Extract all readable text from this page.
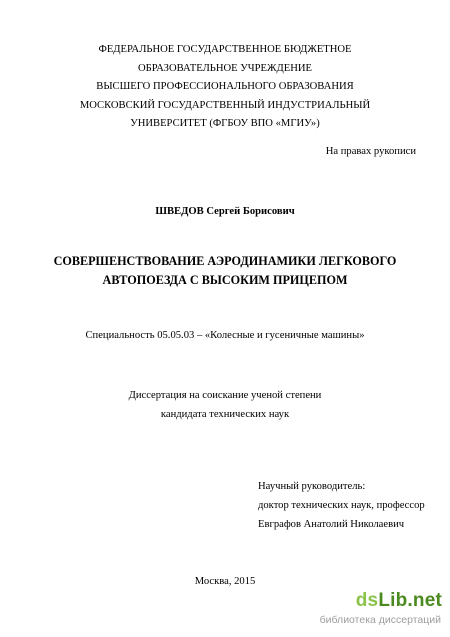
ФЕДЕРАЛЬНОЕ ГОСУДАРСТВЕННОЕ БЮДЖЕТНОЕ
ОБРАЗОВАТЕЛЬНОЕ УЧРЕЖДЕНИЕ
ВЫСШЕГО ПРОФЕССИОНАЛЬНОГО ОБРАЗОВАНИЯ
МОСКОВСКИЙ ГОСУДАРСТВЕННЫЙ ИНДУСТРИАЛЬНЫЙ
УНИВЕРСИТЕТ (ФГБОУ ВПО «МГИУ»)
На правах рукописи
ШВЕДОВ Сергей Борисович
СОВЕРШЕНСТВОВАНИЕ АЭРОДИНАМИКИ ЛЕГКОВОГО
АВТОПОЕЗДА С ВЫСОКИМ ПРИЦЕПОМ
Специальность 05.05.03 – «Колесные и гусеничные машины»
Диссертация на соискание ученой степени
кандидата технических наук
Научный руководитель:
доктор технических наук, профессор
Евграфов Анатолий Николаевич
Москва, 2015
dsLib.net
библиотека диссертаций
